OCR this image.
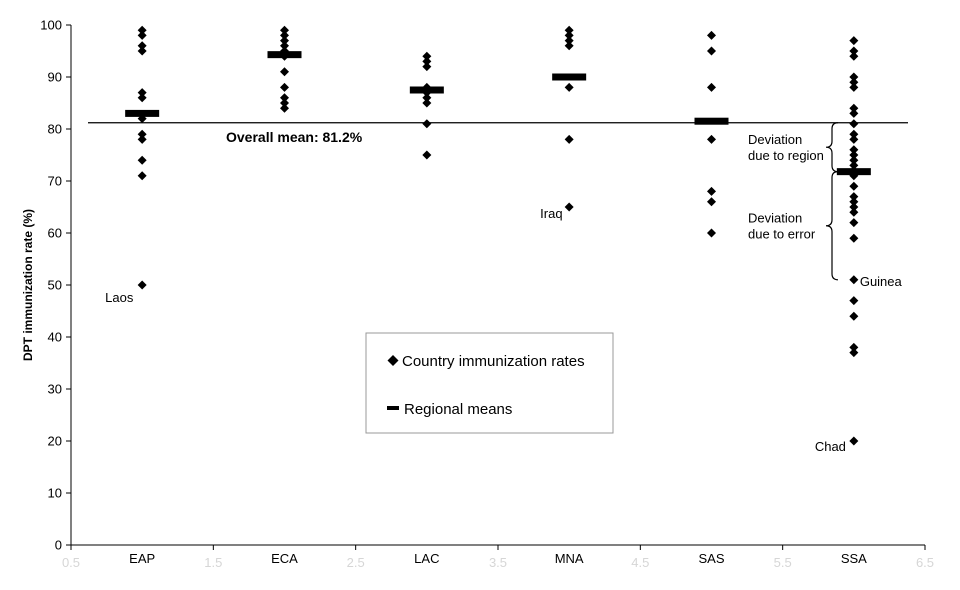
0
10
20
30
40
50
60
70
80
90
100
0.5	1.5	2.5	3.5	4.5	5.5	6.5
EAP	ECA	LAC	MNA	SAS	SSA
DPT immunization rate (%)
Overall mean: 81.2%
Laos
Iraq
Guinea
Chad
Deviation
due to region
Deviation
due to error
Country immunization rates
Regional means
